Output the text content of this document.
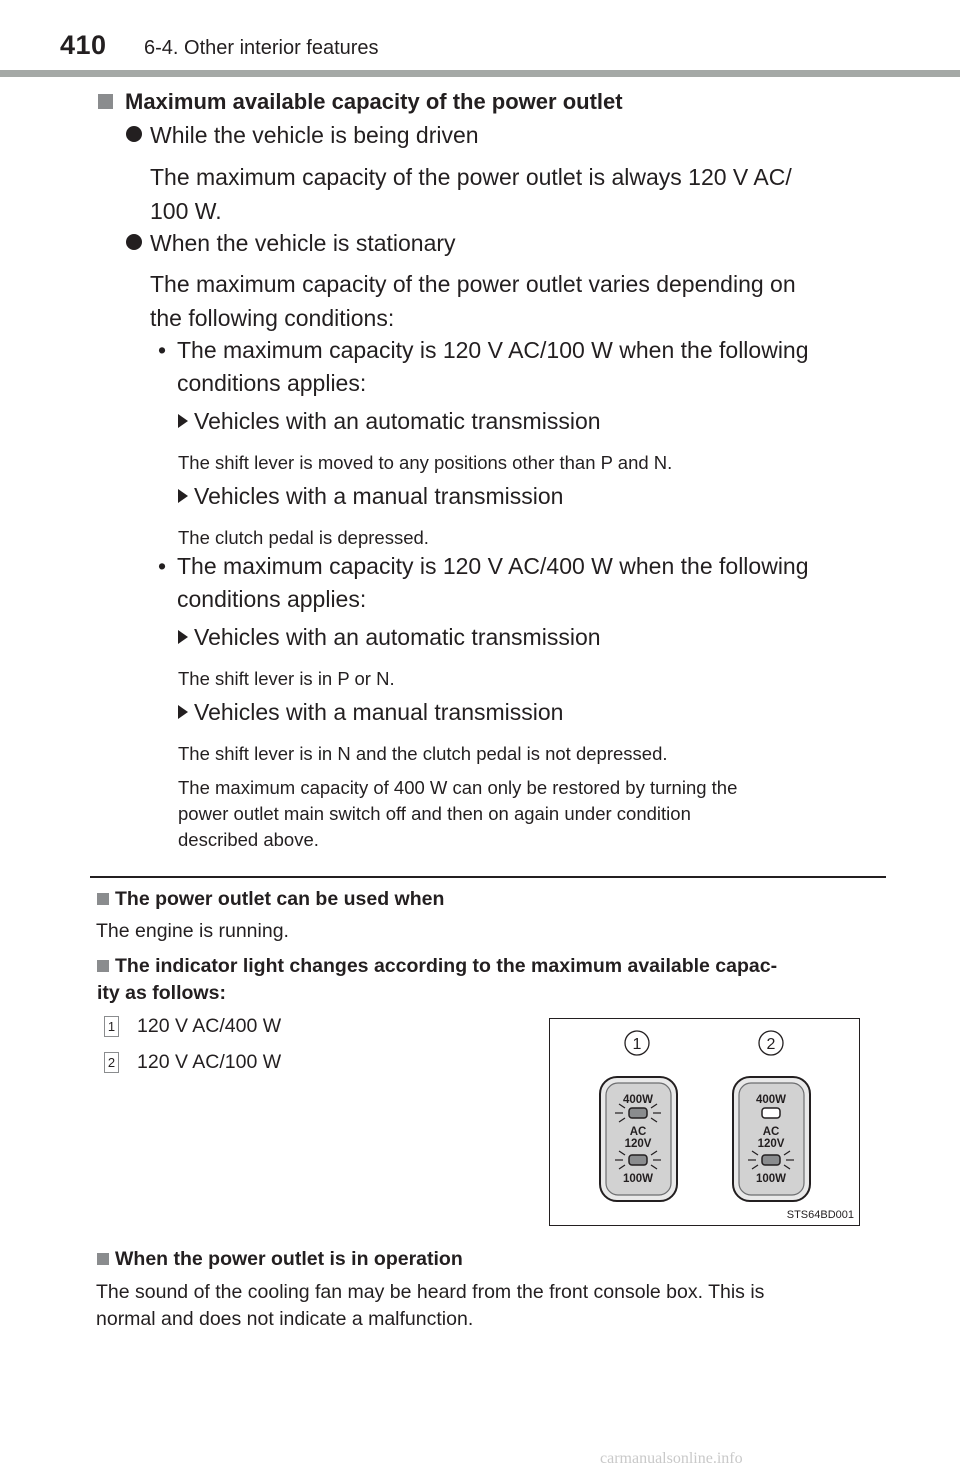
410 6-4. Other interior features
Maximum available capacity of the power outlet
While the vehicle is being driven
The maximum capacity of the power outlet is always 120 V AC/
100 W.
When the vehicle is stationary
The maximum capacity of the power outlet varies depending on
the following conditions:
• The maximum capacity is 120 V AC/100 W when the following
conditions applies:
Vehicles with an automatic transmission
The shift lever is moved to any positions other than P and N.
Vehicles with a manual transmission
The clutch pedal is depressed.
• The maximum capacity is 120 V AC/400 W when the following
conditions applies:
Vehicles with an automatic transmission
The shift lever is in P or N.
Vehicles with a manual transmission
The shift lever is in N and the clutch pedal is not depressed.
The maximum capacity of 400 W can only be restored by turning the
power outlet main switch off and then on again under condition
described above.
The power outlet can be used when
The engine is running.
The indicator light changes according to the maximum available capac-
ity as follows:
1 120 V AC/400 W
2 120 V AC/100 W
1	2
400W
AC
120V
100W
400W
AC
120V
100W
STS64BD001
When the power outlet is in operation
The sound of the cooling fan may be heard from the front console box. This is
normal and does not indicate a malfunction.
carmanualsonline.info
